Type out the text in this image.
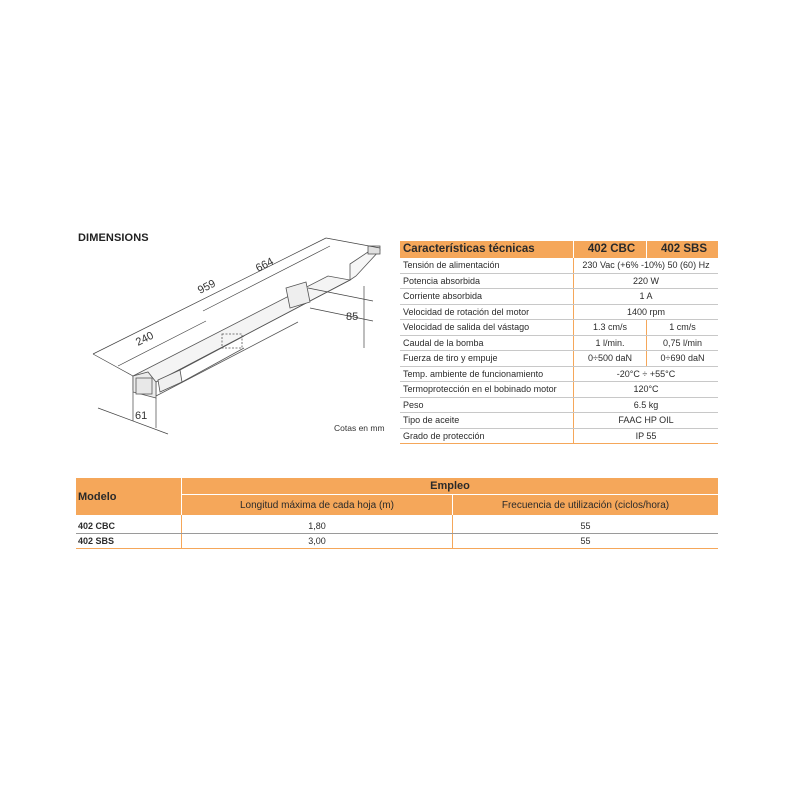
DIMENSIONS
959
664
240
85
61
Cotas en mm
Características técnicas	402 CBC	402 SBS
Tensión de alimentación	230 Vac (+6% -10%) 50 (60) Hz	
Potencia absorbida	220 W	
Corriente absorbida	1 A	
Velocidad de rotación del motor	1400 rpm	
Velocidad de salida del vástago	1.3 cm/s	1 cm/s
Caudal de la bomba	1 l/min.	0,75 l/min
Fuerza de tiro y empuje	0÷500 daN	0÷690 daN
Temp. ambiente de funcionamiento	-20°C ÷ +55°C	
Termoprotección en el bobinado motor	120°C	
Peso	6.5 kg	
Tipo de aceite	FAAC HP OIL	
Grado de protección	IP 55	
Modelo	Empleo	
	Longitud máxima de cada hoja (m)	Frecuencia de utilización (ciclos/hora)
402 CBC	1,80	55
402 SBS	3,00	55
